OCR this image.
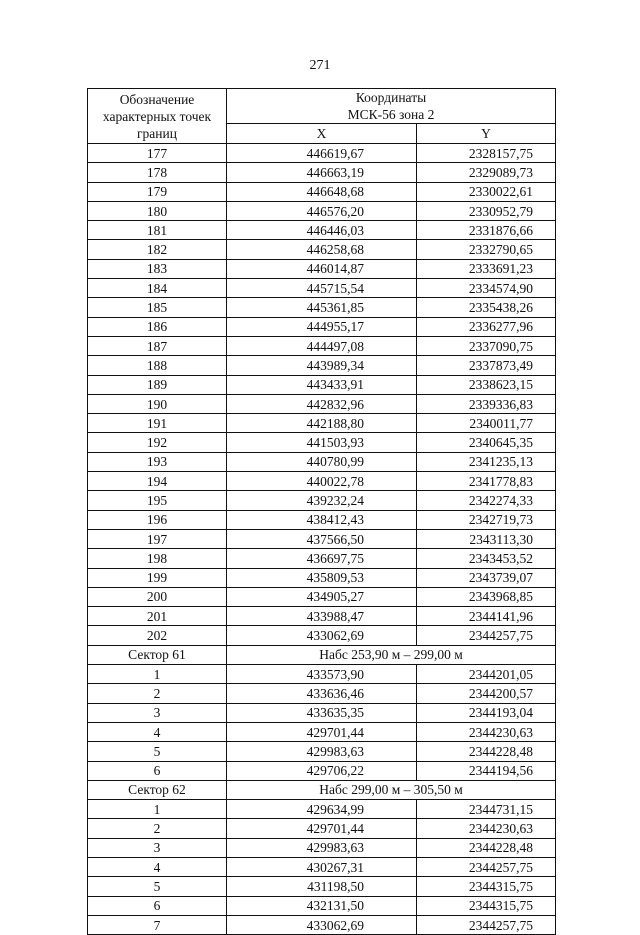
271
Обозначение характерных точек границ	Координаты
МСК-56 зона 2	

	X	Y
177	446619,67	2328157,75
178	446663,19	2329089,73
179	446648,68	2330022,61
180	446576,20	2330952,79
181	446446,03	2331876,66
182	446258,68	2332790,65
183	446014,87	2333691,23
184	445715,54	2334574,90
185	445361,85	2335438,26
186	444955,17	2336277,96
187	444497,08	2337090,75
188	443989,34	2337873,49
189	443433,91	2338623,15
190	442832,96	2339336,83
191	442188,80	2340011,77
192	441503,93	2340645,35
193	440780,99	2341235,13
194	440022,78	2341778,83
195	439232,24	2342274,33
196	438412,43	2342719,73
197	437566,50	2343113,30
198	436697,75	2343453,52
199	435809,53	2343739,07
200	434905,27	2343968,85
201	433988,47	2344141,96
202	433062,69	2344257,75
Сектор 61	Набс 253,90 м – 299,00 м	
1	433573,90	2344201,05
2	433636,46	2344200,57
3	433635,35	2344193,04
4	429701,44	2344230,63
5	429983,63	2344228,48
6	429706,22	2344194,56
Сектор 62	Набс 299,00 м – 305,50 м	
1	429634,99	2344731,15
2	429701,44	2344230,63
3	429983,63	2344228,48
4	430267,31	2344257,75
5	431198,50	2344315,75
6	432131,50	2344315,75
7	433062,69	2344257,75
